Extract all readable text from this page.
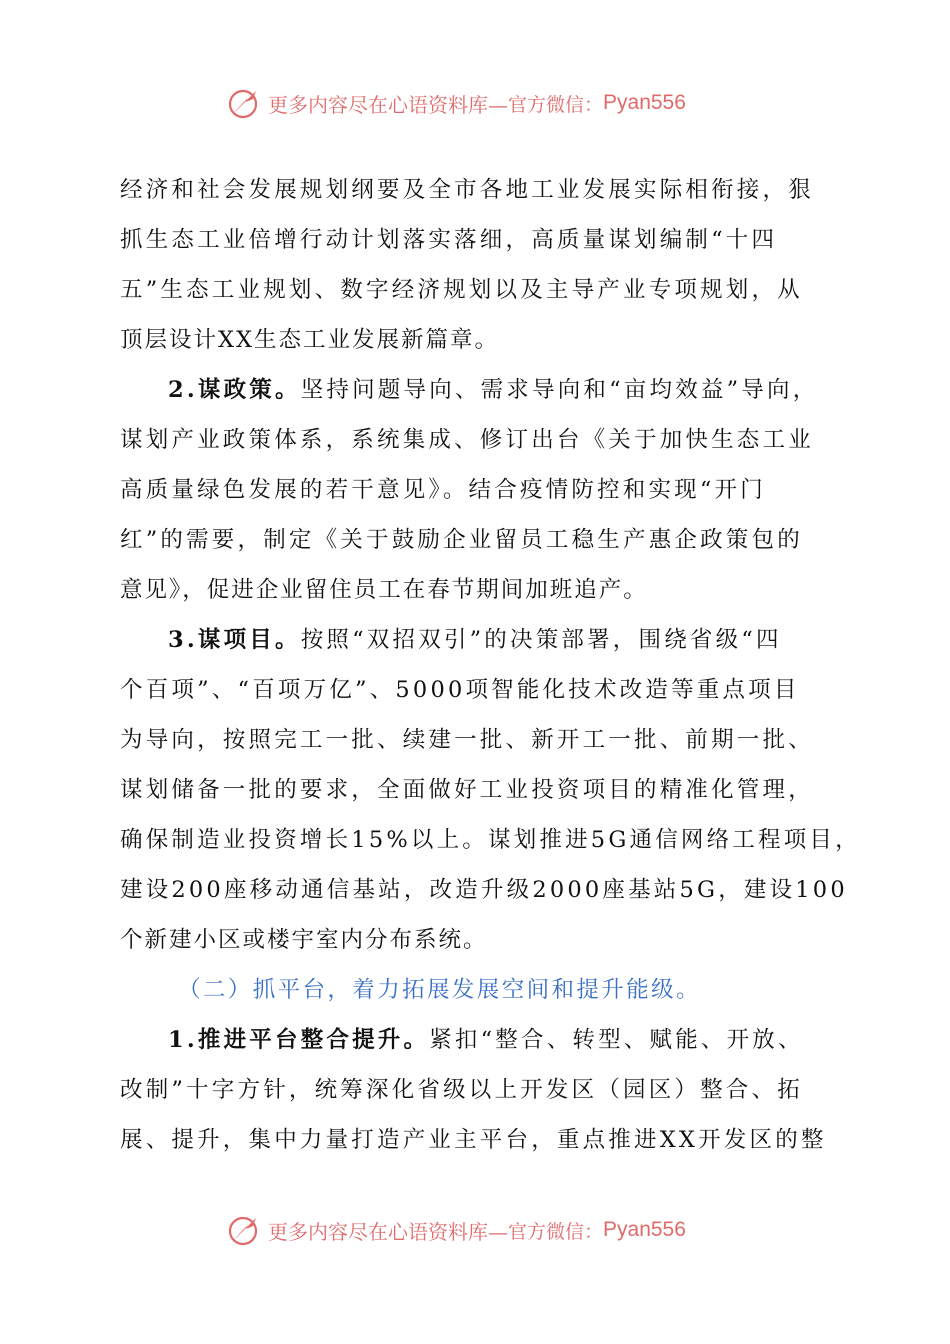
更多内容尽在心语资料库— 官方微信： Pyan556
经济和社会发展规划纲要及全市各地工业发展实际相衔接，狠
抓生态工业倍增行动计划落实落细，高质量谋划编制“十四
五”生态工业规划、数字经济规划以及主导产业专项规划，从
顶层设计XX生态工业发展新篇章。
2.谋政策。坚持问题导向、需求导向和“亩均效益”导向，
谋划产业政策体系，系统集成、修订出台《关于加快生态工业
高质量绿色发展的若干意见》。结合疫情防控和实现“开门
红”的需要，制定《关于鼓励企业留员工稳生产惠企政策包的
意见》，促进企业留住员工在春节期间加班追产。
3.谋项目。按照“双招双引”的决策部署，围绕省级“四
个百项”、“百项万亿”、5000项智能化技术改造等重点项目
为导向，按照完工一批、续建一批、新开工一批、前期一批、
谋划储备一批的要求，全面做好工业投资项目的精准化管理，
确保制造业投资增长15%以上。谋划推进5G通信网络工程项目，
建设200座移动通信基站，改造升级2000座基站5G，建设100
个新建小区或楼宇室内分布系统。
（二）抓平台，着力拓展发展空间和提升能级。
1.推进平台整合提升。紧扣“整合、转型、赋能、开放、
改制”十字方针，统筹深化省级以上开发区（园区）整合、拓
展、提升，集中力量打造产业主平台，重点推进XX开发区的整
更多内容尽在心语资料库— 官方微信： Pyan556
